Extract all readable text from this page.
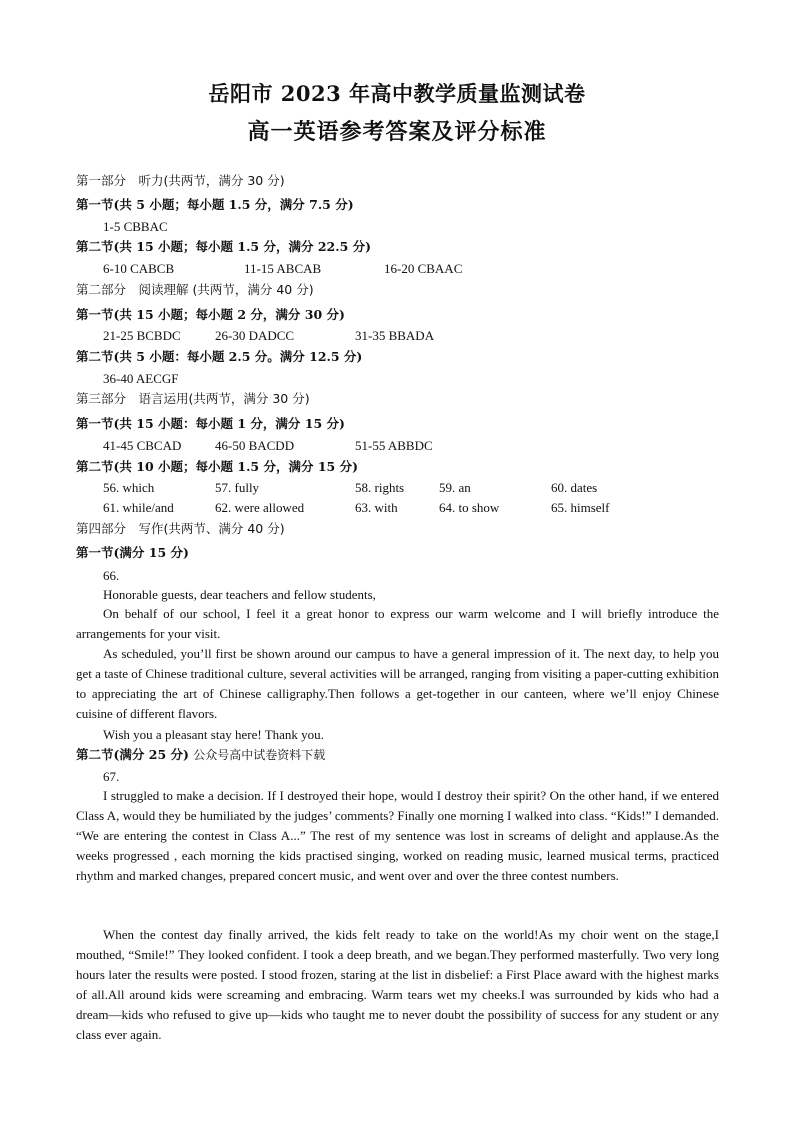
岳阳市 2023 年高中教学质量监测试卷
高一英语参考答案及评分标准
第一部分　听力(共两节，满分 30 分)
第一节(共 5 小题；每小题 1.5 分，满分 7.5 分)
1-5 CBBAC
第二节(共 15 小题；每小题 1.5 分，满分 22.5 分)
6-10 CABCB	11-15 ABCAB	16-20 CBAAC
第二部分　阅读理解 (共两节，满分 40 分)
第一节(共 15 小题；每小题 2 分，满分 30 分)
21-25 BCBDC	26-30 DADCC	31-35 BBADA
第二节(共 5 小题：每小题 2.5 分。满分 12.5 分)
36-40 AECGF
第三部分　语言运用(共两节，满分 30 分)
第一节(共 15 小题：每小题 1 分，满分 15 分)
41-45 CBCAD	46-50 BACDD	51-55 ABBDC
第二节(共 10 小题；每小题 1.5 分，满分 15 分)
56. which	57. fully	58. rights	59. an	60. dates
61. while/and	62. were allowed	63. with	64. to show	65. himself
第四部分　写作(共两节、满分 40 分)
第一节(满分 15 分)
66.
Honorable guests, dear teachers and fellow students,

On behalf of our school, I feel it a great honor to express our warm welcome and I will briefly introduce the arrangements for your visit.

As scheduled, you’ll first be shown around our campus to have a general impression of it. The next day, to help you get a taste of Chinese traditional culture, several activities will be arranged, ranging from visiting a paper-cutting exhibition to appreciating the art of Chinese calligraphy.Then follows a get-together in our canteen, where we’ll enjoy Chinese cuisine of different flavors.

Wish you a pleasant stay here! Thank you.
第二节(满分 25 分) 公众号高中试卷资料下载
67.

I struggled to make a decision. If I destroyed their hope, would I destroy their spirit? On the other hand, if we entered Class A, would they be humiliated by the judges’ comments? Finally one morning I walked into class. “Kids!” I demanded. “We are entering the contest in Class A...” The rest of my sentence was lost in screams of delight and applause.As the weeks progressed , each morning the kids practised singing, worked on reading music, learned musical terms, practiced rhythm and marked changes, prepared concert music, and went over and over the three contest numbers.

When the contest day finally arrived, the kids felt ready to take on the world!As my choir went on the stage,I mouthed, “Smile!” They looked confident. I took a deep breath, and we began.They performed masterfully. Two very long hours later the results were posted. I stood frozen, staring at the list in disbelief: a First Place award with the highest marks of all.All around kids were screaming and embracing. Warm tears wet my cheeks.I was surrounded by kids who had a dream—kids who refused to give up—kids who taught me to never doubt the possibility of success for any student or any class ever again.
